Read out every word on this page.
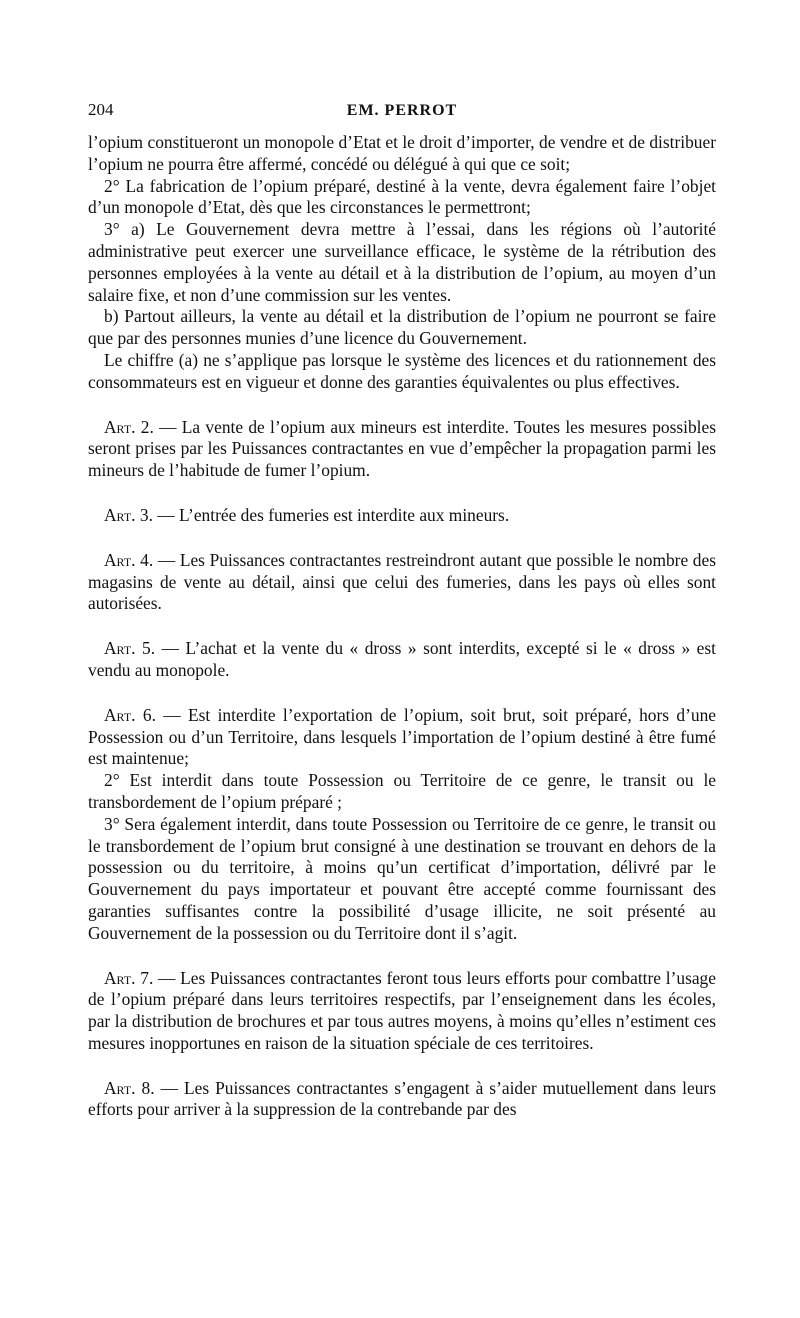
204	EM. PERROT

l’opium constitueront un monopole d’Etat et le droit d’importer, de vendre et de distribuer l’opium ne pourra être affermé, concédé ou délégué à qui que ce soit;

2° La fabrication de l’opium préparé, destiné à la vente, devra également faire l’objet d’un monopole d’Etat, dès que les circonstances le permettront;

3° a) Le Gouvernement devra mettre à l’essai, dans les régions où l’autorité administrative peut exercer une surveillance efficace, le système de la rétribution des personnes employées à la vente au détail et à la distribution de l’opium, au moyen d’un salaire fixe, et non d’une commission sur les ventes.

b) Partout ailleurs, la vente au détail et la distribution de l’opium ne pourront se faire que par des personnes munies d’une licence du Gouvernement.

Le chiffre (a) ne s’applique pas lorsque le système des licences et du rationnement des consommateurs est en vigueur et donne des garanties équivalentes ou plus effectives.

Art. 2. — La vente de l’opium aux mineurs est interdite. Toutes les mesures possibles seront prises par les Puissances contractantes en vue d’empêcher la propagation parmi les mineurs de l’habitude de fumer l’opium.

Art. 3. — L’entrée des fumeries est interdite aux mineurs.

Art. 4. — Les Puissances contractantes restreindront autant que possible le nombre des magasins de vente au détail, ainsi que celui des fumeries, dans les pays où elles sont autorisées.

Art. 5. — L’achat et la vente du « dross » sont interdits, excepté si le « dross » est vendu au monopole.

Art. 6. — Est interdite l’exportation de l’opium, soit brut, soit préparé, hors d’une Possession ou d’un Territoire, dans lesquels l’importation de l’opium destiné à être fumé est maintenue;

2° Est interdit dans toute Possession ou Territoire de ce genre, le transit ou le transbordement de l’opium préparé ;

3° Sera également interdit, dans toute Possession ou Territoire de ce genre, le transit ou le transbordement de l’opium brut consigné à une destination se trouvant en dehors de la possession ou du territoire, à moins qu’un certificat d’importation, délivré par le Gouvernement du pays importateur et pouvant être accepté comme fournissant des garanties suffisantes contre la possibilité d’usage illicite, ne soit présenté au Gouvernement de la possession ou du Territoire dont il s’agit.

Art. 7. — Les Puissances contractantes feront tous leurs efforts pour combattre l’usage de l’opium préparé dans leurs territoires respectifs, par l’enseignement dans les écoles, par la distribution de brochures et par tous autres moyens, à moins qu’elles n’estiment ces mesures inopportunes en raison de la situation spéciale de ces territoires.

Art. 8. — Les Puissances contractantes s’engagent à s’aider mutuellement dans leurs efforts pour arriver à la suppression de la contrebande par des
